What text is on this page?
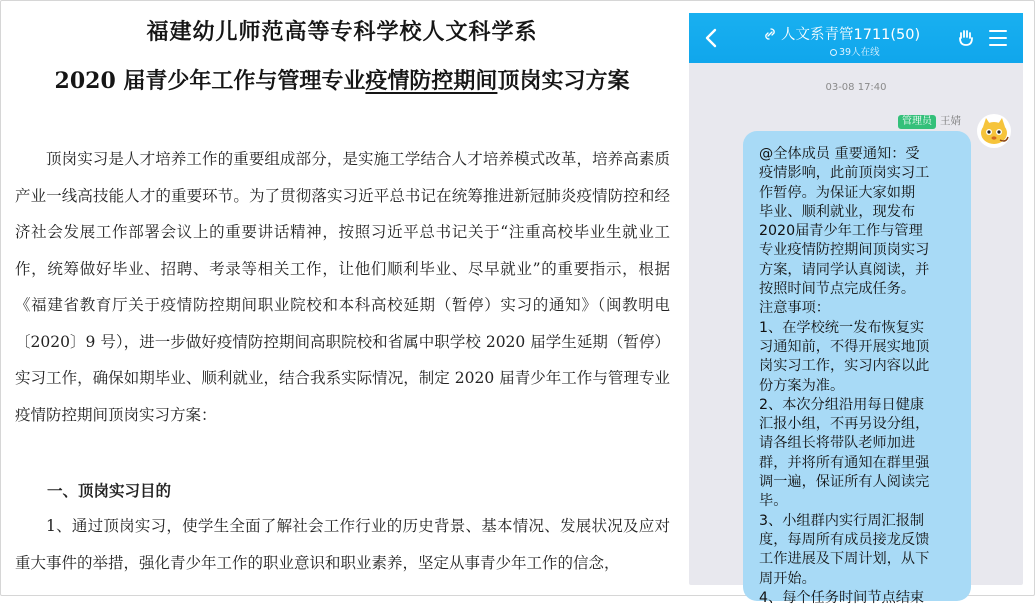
福建幼儿师范高等专科学校人文科学系
2020 届青少年工作与管理专业疫情防控期间顶岗实习方案

顶岗实习是人才培养工作的重要组成部分，是实施工学结合人才培养模式改革，培养高素质产业一线高技能人才的重要环节。为了贯彻落实习近平总书记在统筹推进新冠肺炎疫情防控和经济社会发展工作部署会议上的重要讲话精神，按照习近平总书记关于“注重高校毕业生就业工作，统筹做好毕业、招聘、考录等相关工作，让他们顺利毕业、尽早就业”的重要指示，根据《福建省教育厅关于疫情防控期间职业院校和本科高校延期（暂停）实习的通知》（闽教明电〔2020〕9 号），进一步做好疫情防控期间高职院校和省属中职学校 2020 届学生延期（暂停）实习工作，确保如期毕业、顺利就业，结合我系实际情况，制定 2020 届青少年工作与管理专业疫情防控期间顶岗实习方案：

一、顶岗实习目的

1、通过顶岗实习，使学生全面了解社会工作行业的历史背景、基本情况、发展状况及应对重大事件的举措，强化青少年工作的职业意识和职业素养，坚定从事青少年工作的信念，

人文系青管1711(50)
39人在线
03-08 17:40
管理员 王婧
@全体成员 重要通知：受
疫情影响，此前顶岗实习工
作暂停。为保证大家如期
毕业、顺利就业，现发布
2020届青少年工作与管理
专业疫情防控期间顶岗实习
方案，请同学认真阅读，并
按照时间节点完成任务。
注意事项：
1、在学校统一发布恢复实
习通知前，不得开展实地顶
岗实习工作，实习内容以此
份方案为准。
2、本次分组沿用每日健康
汇报小组，不再另设分组，
请各组长将带队老师加进
群，并将所有通知在群里强
调一遍，保证所有人阅读完
毕。
3、小组群内实行周汇报制
度，每周所有成员接龙反馈
工作进展及下周计划，从下
周开始。
4、每个任务时间节点结束
